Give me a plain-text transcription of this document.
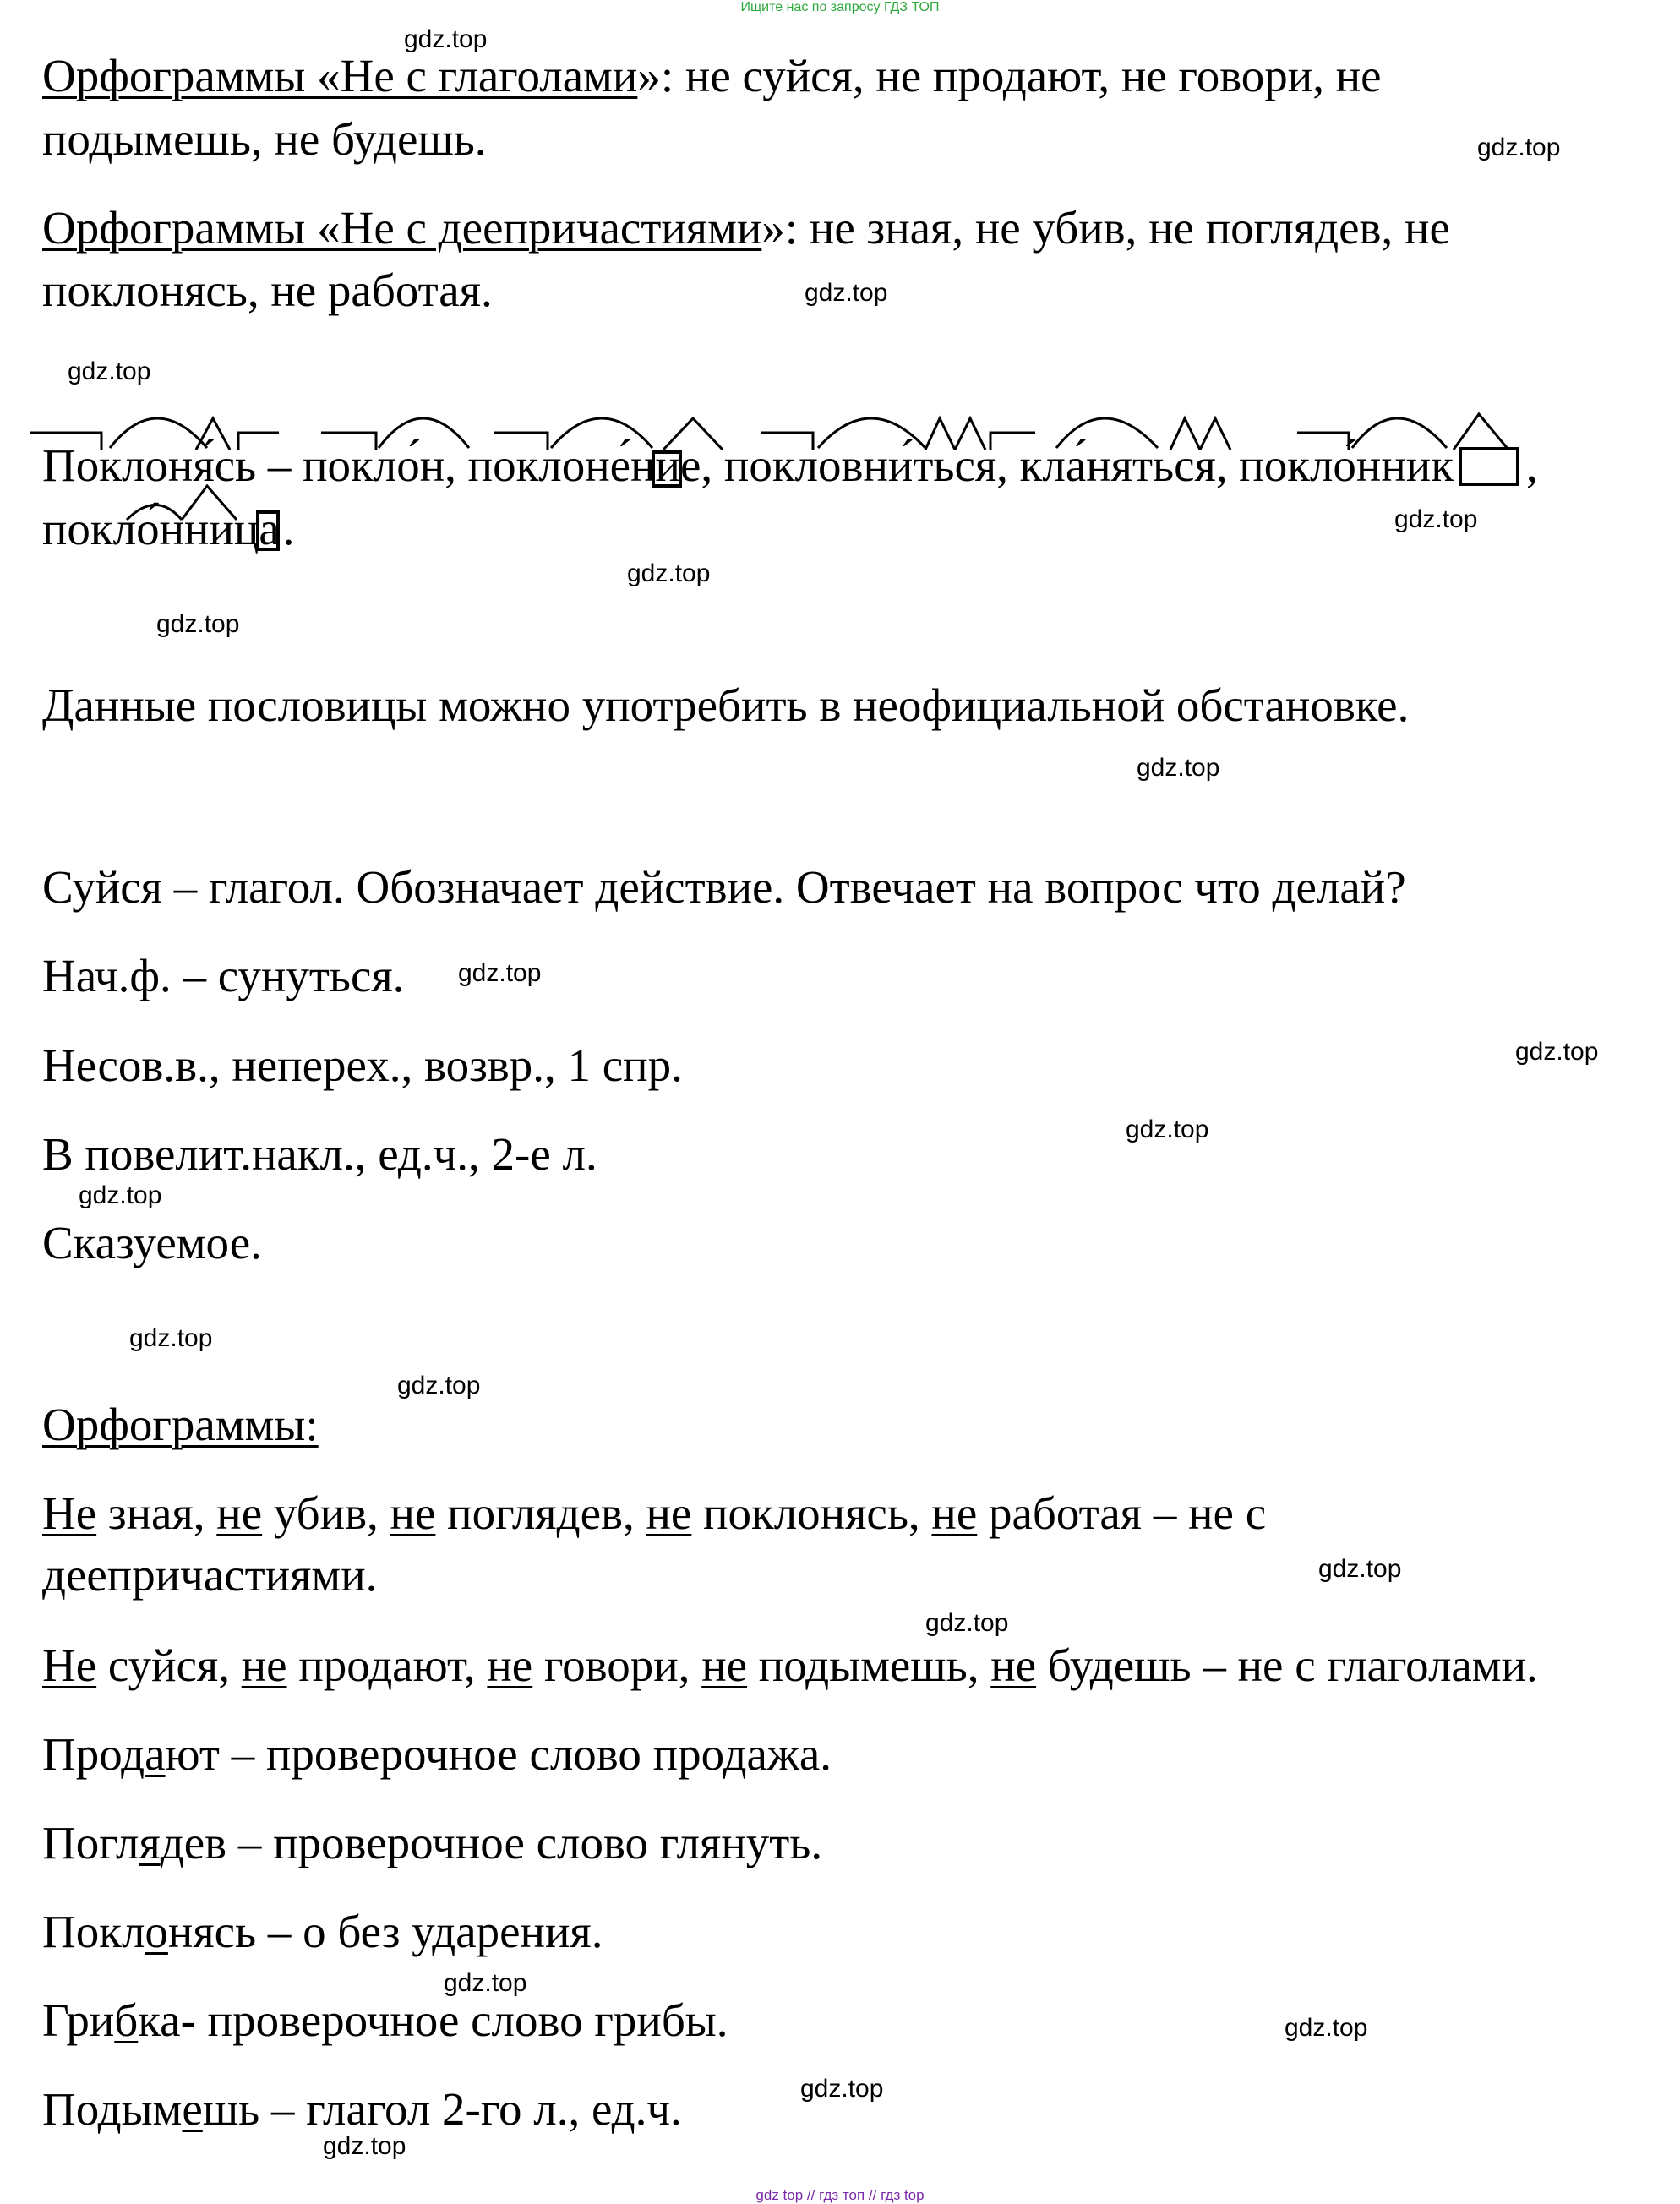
Ищите нас по запросу ГДЗ ТОП

Орфограммы «Не с глаголами»: не суйся, не продают, не говори, не

подымешь, не будешь.

Орфограммы «Не с деепричастиями»: не зная, не убив, не поглядев, не

поклонясь, не работая.

Поклоня́сь – покло́н, поклоне́ние, покловни́ться, кла́няться, покло́нник ,

покло́нница.

Данные пословицы можно употребить в неофициальной обстановке.

Суйся – глагол. Обозначает действие. Отвечает на вопрос что делай?

Нач.ф. – сунуться.

Несов.в., неперех., возвр., 1 спр.

В повелит.накл., ед.ч., 2-е л.

Сказуемое.

Орфограммы:

Не зная, не убив, не поглядев, не поклонясь, не работая – не с

деепричастиями.

Не суйся, не продают, не говори, не подымешь, не будешь – не с глаголами.

Продают – проверочное слово продажа.

Поглядев – проверочное слово глянуть.

Поклонясь – о без ударения.

Грибка- проверочное слово грибы.

Подымешь – глагол 2-го л., ед.ч.

gdz.top
gdz.top
gdz.top
gdz.top
gdz.top
gdz.top
gdz.top
gdz.top
gdz.top
gdz.top
gdz.top
gdz.top
gdz.top
gdz.top
gdz.top
gdz.top
gdz.top
gdz.top
gdz.top
gdz.top
gdz top // гдз топ // гдз top
